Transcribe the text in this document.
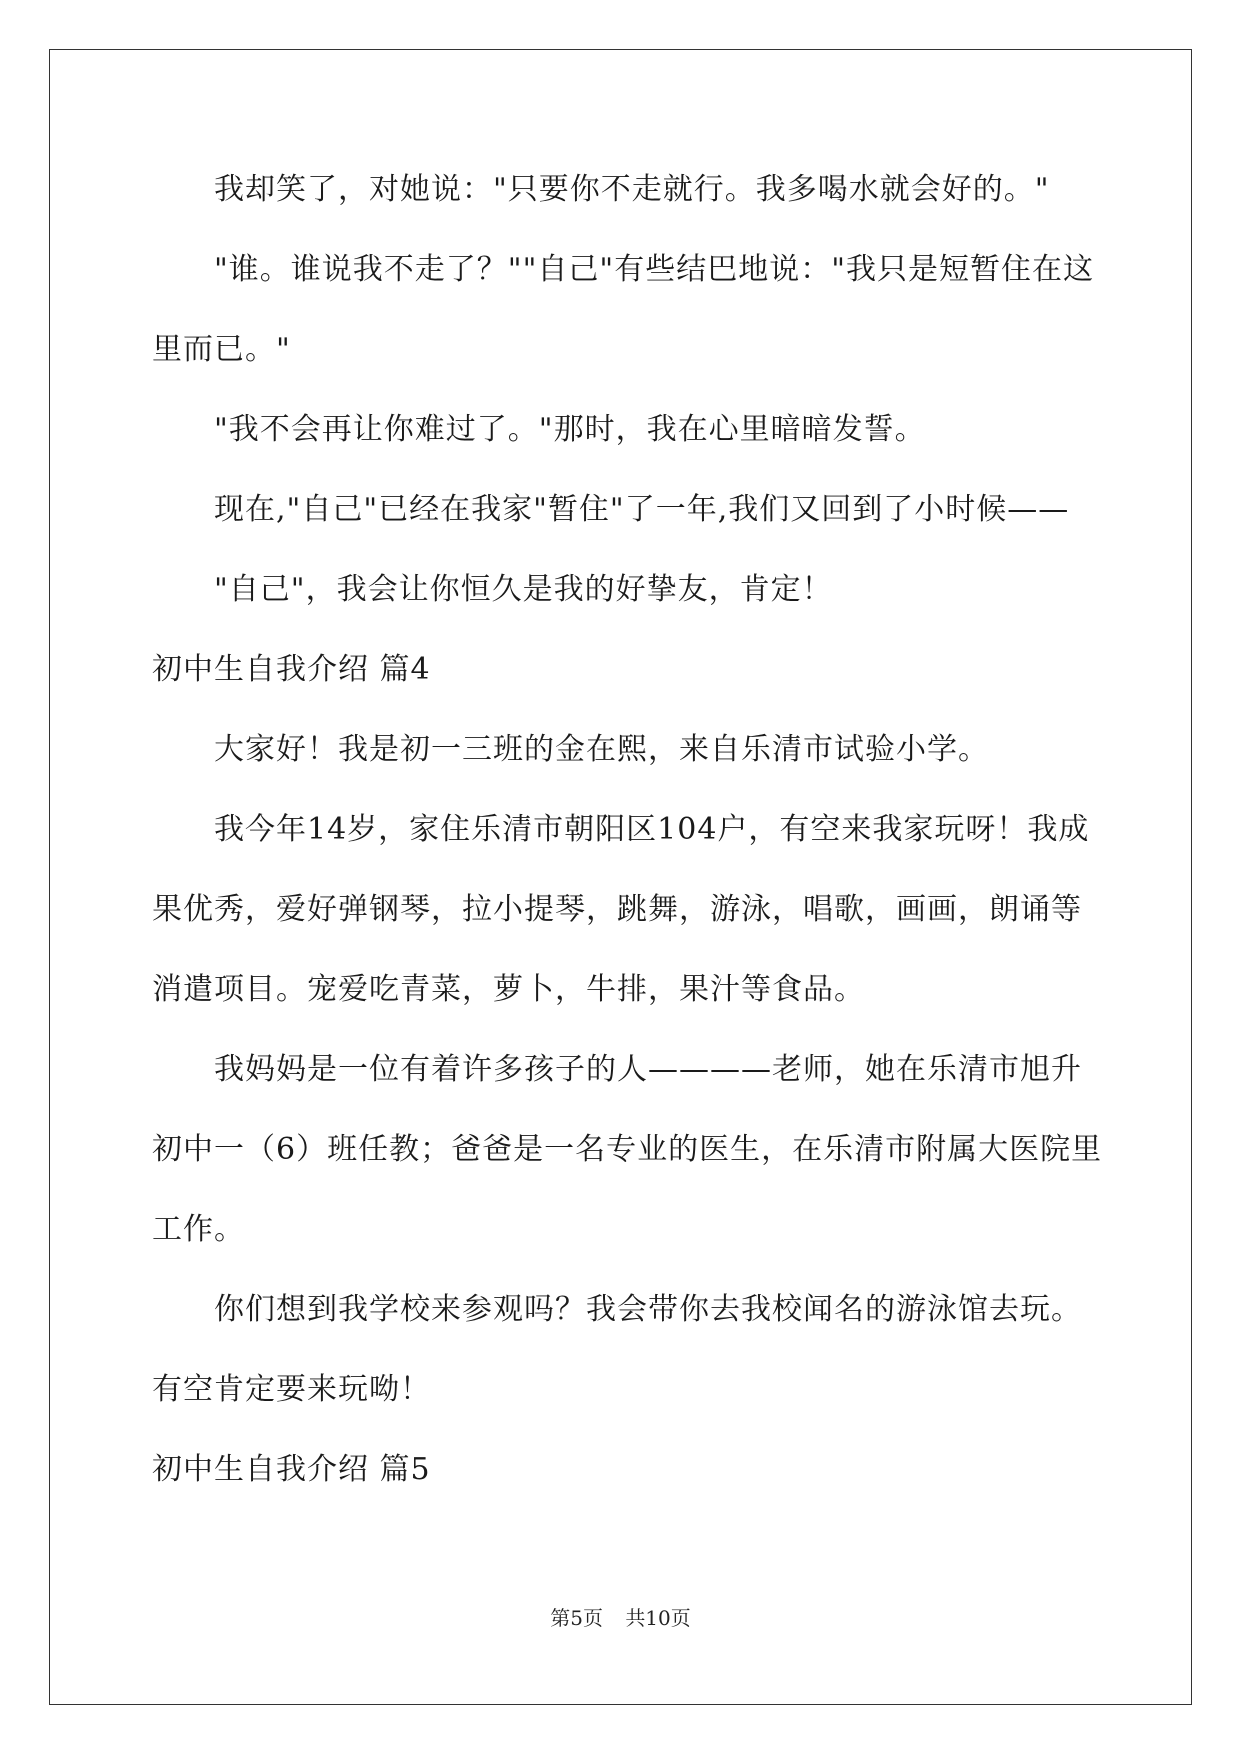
我却笑了，对她说："只要你不走就行。我多喝水就会好的。"
"谁。谁说我不走了？""自己"有些结巴地说："我只是短暂住在这
里而已。"
"我不会再让你难过了。"那时，我在心里暗暗发誓。
现在,"自己"已经在我家"暂住"了一年,我们又回到了小时候——
"自己"，我会让你恒久是我的好挚友，肯定！
初中生自我介绍 篇4
大家好！我是初一三班的金在熙，来自乐清市试验小学。
我今年14岁，家住乐清市朝阳区104户，有空来我家玩呀！我成
果优秀，爱好弹钢琴，拉小提琴，跳舞，游泳，唱歌，画画，朗诵等
消遣项目。宠爱吃青菜，萝卜，牛排，果汁等食品。
我妈妈是一位有着许多孩子的人————老师，她在乐清市旭升
初中一（6）班任教；爸爸是一名专业的医生，在乐清市附属大医院里
工作。
你们想到我学校来参观吗？我会带你去我校闻名的游泳馆去玩。
有空肯定要来玩呦！
初中生自我介绍 篇5
第5页 共10页
